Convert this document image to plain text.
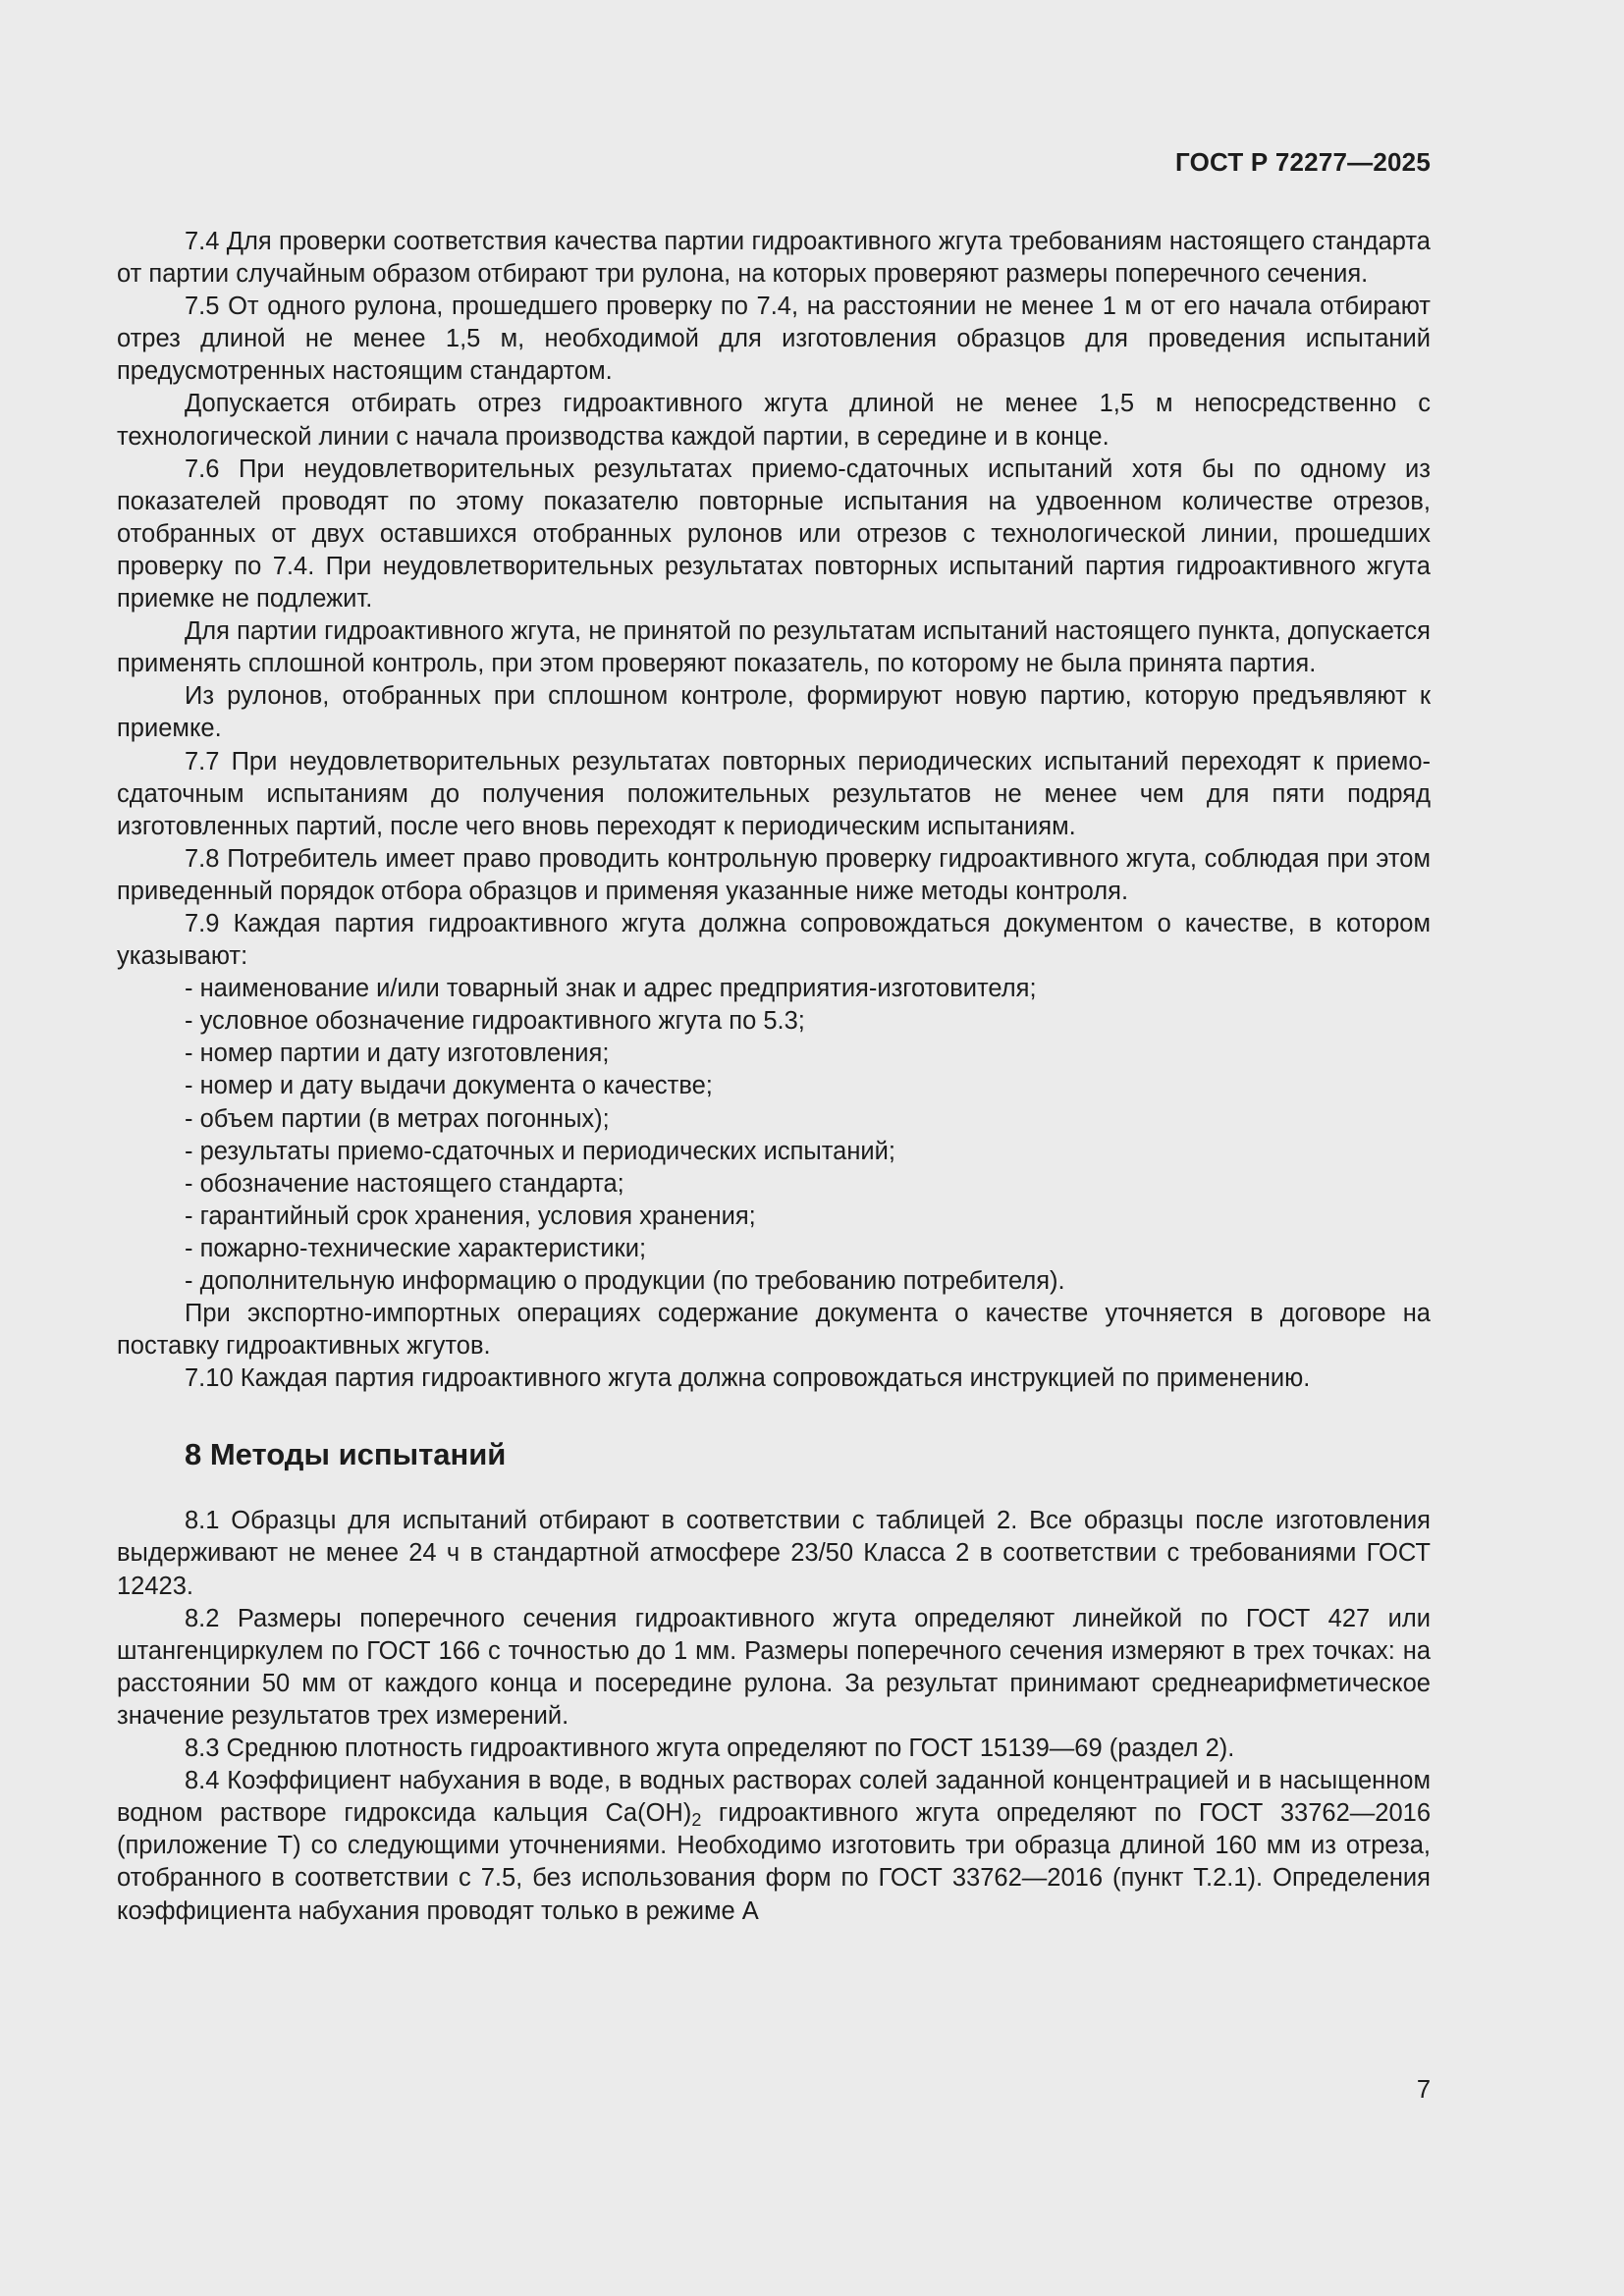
ГОСТ Р 72277—2025

7.4 Для проверки соответствия качества партии гидроактивного жгута требованиям настоящего стандарта от партии случайным образом отбирают три рулона, на которых проверяют размеры поперечного сечения.

7.5 От одного рулона, прошедшего проверку по 7.4, на расстоянии не менее 1 м от его начала отбирают отрез длиной не менее 1,5 м, необходимой для изготовления образцов для проведения испытаний предусмотренных настоящим стандартом.

Допускается отбирать отрез гидроактивного жгута длиной не менее 1,5 м непосредственно с технологической линии с начала производства каждой партии, в середине и в конце.

7.6 При неудовлетворительных результатах приемо-сдаточных испытаний хотя бы по одному из показателей проводят по этому показателю повторные испытания на удвоенном количестве отрезов, отобранных от двух оставшихся отобранных рулонов или отрезов с технологической линии, прошедших проверку по 7.4. При неудовлетворительных результатах повторных испытаний партия гидроактивного жгута приемке не подлежит.

Для партии гидроактивного жгута, не принятой по результатам испытаний настоящего пункта, допускается применять сплошной контроль, при этом проверяют показатель, по которому не была принята партия.

Из рулонов, отобранных при сплошном контроле, формируют новую партию, которую предъявляют к приемке.

7.7 При неудовлетворительных результатах повторных периодических испытаний переходят к приемо-сдаточным испытаниям до получения положительных результатов не менее чем для пяти подряд изготовленных партий, после чего вновь переходят к периодическим испытаниям.

7.8 Потребитель имеет право проводить контрольную проверку гидроактивного жгута, соблюдая при этом приведенный порядок отбора образцов и применяя указанные ниже методы контроля.

7.9 Каждая партия гидроактивного жгута должна сопровождаться документом о качестве, в котором указывают:

- наименование и/или товарный знак и адрес предприятия-изготовителя;
- условное обозначение гидроактивного жгута по 5.3;
- номер партии и дату изготовления;
- номер и дату выдачи документа о качестве;
- объем партии (в метрах погонных);
- результаты приемо-сдаточных и периодических испытаний;
- обозначение настоящего стандарта;
- гарантийный срок хранения, условия хранения;
- пожарно-технические характеристики;
- дополнительную информацию о продукции (по требованию потребителя).

При экспортно-импортных операциях содержание документа о качестве уточняется в договоре на поставку гидроактивных жгутов.

7.10 Каждая партия гидроактивного жгута должна сопровождаться инструкцией по применению.

8 Методы испытаний

8.1 Образцы для испытаний отбирают в соответствии с таблицей 2. Все образцы после изготовления выдерживают не менее 24 ч в стандартной атмосфере 23/50 Класса 2 в соответствии с требованиями ГОСТ 12423.

8.2 Размеры поперечного сечения гидроактивного жгута определяют линейкой по ГОСТ 427 или штангенциркулем по ГОСТ 166 с точностью до 1 мм. Размеры поперечного сечения измеряют в трех точках: на расстоянии 50 мм от каждого конца и посередине рулона. За результат принимают среднеарифметическое значение результатов трех измерений.

8.3 Среднюю плотность гидроактивного жгута определяют по ГОСТ 15139—69 (раздел 2).

8.4 Коэффициент набухания в воде, в водных растворах солей заданной концентрацией и в насыщенном водном растворе гидроксида кальция $Ca(OH)_2$ гидроактивного жгута определяют по ГОСТ 33762—2016 (приложение Т) со следующими уточнениями. Необходимо изготовить три образца длиной 160 мм из отреза, отобранного в соответствии с 7.5, без использования форм по ГОСТ 33762—2016 (пункт Т.2.1). Определения коэффициента набухания проводят только в режиме А

7
